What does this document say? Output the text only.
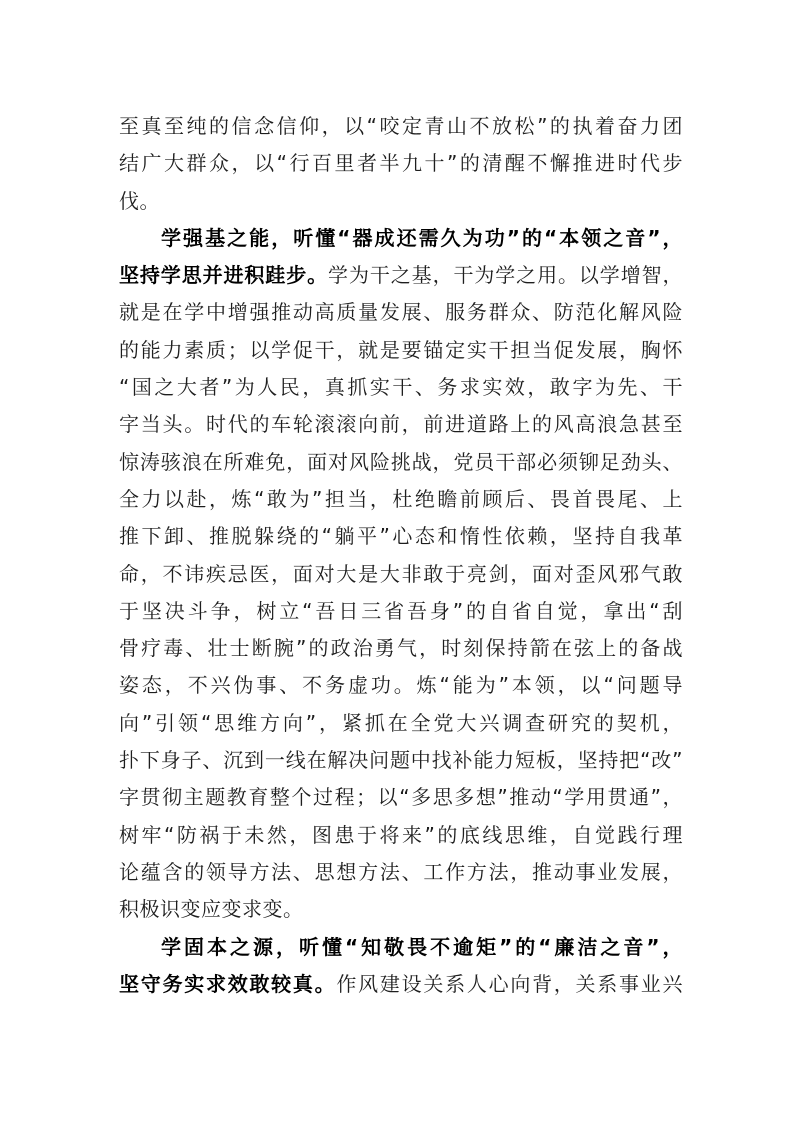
至真至纯的信念信仰，以“咬定青山不放松”的执着奋力团
结广大群众，以“行百里者半九十”的清醒不懈推进时代步
伐。
学强基之能，听懂“器成还需久为功”的“本领之音”，
坚持学思并进积跬步。学为干之基，干为学之用。以学增智，
就是在学中增强推动高质量发展、服务群众、防范化解风险
的能力素质；以学促干，就是要锚定实干担当促发展，胸怀
“国之大者”为人民，真抓实干、务求实效，敢字为先、干
字当头。时代的车轮滚滚向前，前进道路上的风高浪急甚至
惊涛骇浪在所难免，面对风险挑战，党员干部必须铆足劲头、
全力以赴，炼“敢为”担当，杜绝瞻前顾后、畏首畏尾、上
推下卸、推脱躲绕的“躺平”心态和惰性依赖，坚持自我革
命，不讳疾忌医，面对大是大非敢于亮剑，面对歪风邪气敢
于坚决斗争，树立“吾日三省吾身”的自省自觉，拿出“刮
骨疗毒、壮士断腕”的政治勇气，时刻保持箭在弦上的备战
姿态，不兴伪事、不务虚功。炼“能为”本领，以“问题导
向”引领“思维方向”，紧抓在全党大兴调查研究的契机，
扑下身子、沉到一线在解决问题中找补能力短板，坚持把“改”
字贯彻主题教育整个过程；以“多思多想”推动“学用贯通”，
树牢“防祸于未然，图患于将来”的底线思维，自觉践行理
论蕴含的领导方法、思想方法、工作方法，推动事业发展，
积极识变应变求变。
学固本之源，听懂“知敬畏不逾矩”的“廉洁之音”，
坚守务实求效敢较真。作风建设关系人心向背，关系事业兴
